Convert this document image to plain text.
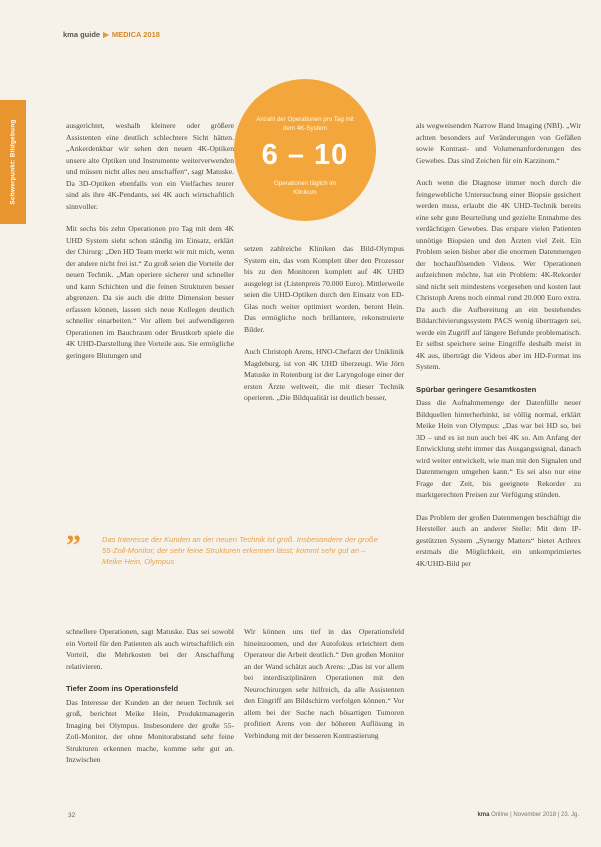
kma guide ▶ MEDICA 2018
Schwerpunkt: Bildgebung	Anzahl der Operationen pro Tag mit dem 4K-System
6 – 10
Operationen täglich im Klinikum

ausgerichtet, weshalb kleinere oder größere Assistenten eine deutlich schlechtere Sicht hätten. „Ankerdenkbar wir sehen den neuen 4K-Optiken unsere alte Optiken und Instrumente weiterverwenden und müssen nicht alles neu anschaffen“, sagt Matuske. Da 3D-Optiken ebenfalls von ein Vielfaches teurer sind als ihre 4K-Pendants, sei 4K auch wirtschaftlich sinnvoller.

Mit sechs bis zehn Operationen pro Tag mit dem 4K UHD System sieht schon ständig im Einsatz, erklärt der Chirurg: „Den HD Team merkt wir mit mich, wenn der andere nicht frei ist.“ Zu groß seien die Vorteile der neuen Technik. „Man operiere sicherer und schneller und kann Schichten und die feinen Strukturen besser abgrenzen. Da sie auch die dritte Dimension besser erfassen können, lassen sich neue Kollegen deutlich schneller einarbeiten.“ Vor allem bei aufwendigeren Operationen im Bauchraum oder Brustkorb spiele die 4K UHD-Darstellung ihre Vorteile aus. Sie ermögliche geringere Blutungen und

setzen zahlreiche Kliniken das Bild-Olympus System ein, das vom Komplett über den Prozessor bis zu den Monitoren komplett auf 4K UHD ausgelegt ist (Listenpreis 70.000 Euro). Mittlerweile seien die UHD-Optiken durch den Einsatz von ED-Glas noch weiter optimiert worden, betont Hein. Das ermögliche noch brillantere, rekonstruierte Bilder.

Auch Christoph Arens, HNO-Chefarzt der Uniklinik Magdeburg, ist von 4K UHD überzeugt. Wie Jörn Matuske in Rotenburg ist der Laryngologe einer der ersten Ärzte weltweit, die mit dieser Technik operieren. „Die Bildqualität ist deutlich besser,

als wegweisenden Narrow Band Imaging (NBI). „Wir achten besonders auf Veränderungen von Gefäßen sowie Kontrast- und Volumenanforderungen des Gewebes. Das sind Zeichen für ein Karzinom.“

Auch wenn die Diagnose immer noch durch die feingewebliche Untersuchung einer Biopsie gesichert werden muss, erlaubt die 4K UHD-Technik bereits eine sehr gute Beurteilung und gezielte Entnahme des verdächtigen Gewebes. Das erspare vielen Patienten unnötige Biopsien und den Ärzten viel Zeit. Ein Problem seien bisher aber die enormen Datenmengen der hochauflösenden Videos. Wer Operationen aufzeichnen möchte, hat ein Problem: 4K-Rekorder sind nicht seit mindestens vorgesehen und kosten laut Christoph Arens noch einmal rund 20.000 Euro extra. Da auch die Aufbereitung an ein bestehendes Bildarchivierungssystem PACS wenig übertragen sei, werde ein Zugriff auf längere Befunde problematisch. Er selbst speichere seine Eingriffe deshalb meist in 4K aus, überträgt die Videos aber im HD-Format ins System.

Spürbar geringere Gesamtkosten

Dass die Aufnahmemenge der Datenfülle neuer Bildquellen hinterherhinkt, ist völlig normal, erklärt Meike Hein von Olympus: „Das war bei HD so, bei 3D – und es ist nun auch bei 4K so. Am Anfang der Entwicklung steht immer das Ausgangssignal, danach wird weiter entwickelt, wie man mit den Signalen und Datenmengen umgehen kann.“ Es sei also nur eine Frage der Zeit, bis geeignete Rekorder zu marktgerechten Preisen zur Verfügung stünden.

Das Problem der großen Datenmengen beschäftigt die Hersteller auch an anderer Stelle: Mit dem IP-gestützten System „Synergy Matters“ bietet Arthrex erstmals die Möglichkeit, ein unkomprimiertes 4K/UHD-Bild per

”	Das Interesse der Kunden an der neuen Technik ist groß. Insbesondere der große 55-Zoll-Monitor, der sehr feine Strukturen erkennen lässt, kommt sehr gut an – Meike Hein, Olympus

schnellere Operationen, sagt Matuske. Das sei sowohl ein Vorteil für den Patienten als auch wirtschaftlich ein Vorteil, die Mehrkosten bei der Anschaffung relativieren.

Tiefer Zoom ins Operationsfeld

Das Interesse der Kunden an der neuen Technik sei groß, berichtet Meike Hein, Produktmanagerin Imaging bei Olympus. Insbesondere der große 55-Zoll-Monitor, der ohne Monitorabstand sehr feine Strukturen erkennen mache, komme sehr gut an. Inzwischen

Wir können uns tief in das Operationsfeld hineinzoomen, und der Autofokus erleichtert dem Operateur die Arbeit deutlich.“ Den großen Monitor an der Wand schätzt auch Arens: „Das ist vor allem bei interdisziplinären Operationen mit den Neurochirurgen sehr hilfreich, da alle Assistenten den Eingriff am Bildschirm verfolgen können.“ Vor allem bei der Suche nach bösartigen Tumoren profitiert Arens von der höheren Auflösung in Verbindung mit der besseren Kontrastierung

32	kma Online | November 2018 | 23. Jg.
